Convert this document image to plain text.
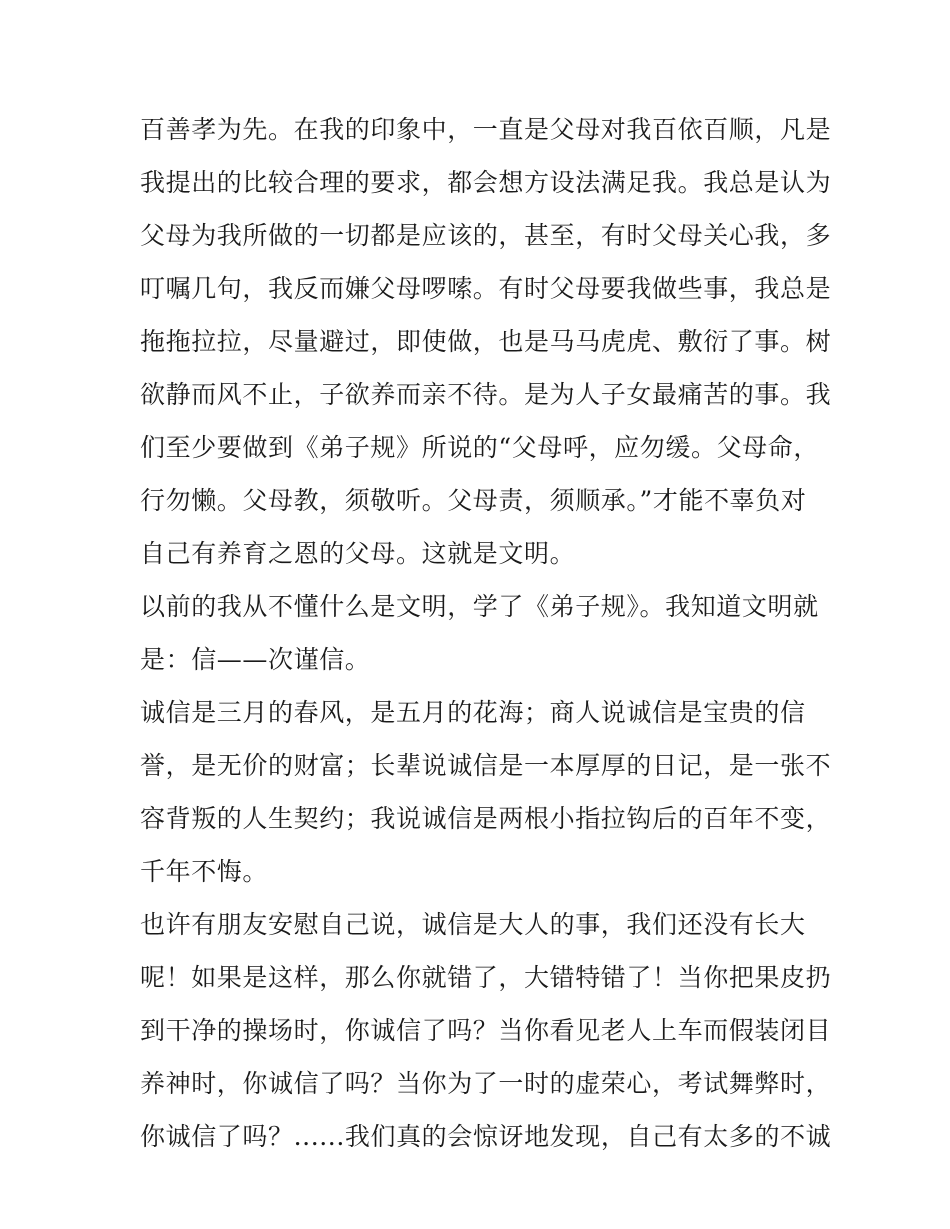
百善孝为先。在我的印象中，一直是父母对我百依百顺，凡是
我提出的比较合理的要求，都会想方设法满足我。我总是认为
父母为我所做的一切都是应该的，甚至，有时父母关心我，多
叮嘱几句，我反而嫌父母啰嗦。有时父母要我做些事，我总是
拖拖拉拉，尽量避过，即使做，也是马马虎虎、敷衍了事。树
欲静而风不止，子欲养而亲不待。是为人子女最痛苦的事。我
们至少要做到《弟子规》所说的“父母呼，应勿缓。父母命，
行勿懒。父母教，须敬听。父母责，须顺承。”才能不辜负对
自己有养育之恩的父母。这就是文明。
以前的我从不懂什么是文明，学了《弟子规》。我知道文明就
是：信——次谨信。
诚信是三月的春风，是五月的花海；商人说诚信是宝贵的信
誉，是无价的财富；长辈说诚信是一本厚厚的日记，是一张不
容背叛的人生契约；我说诚信是两根小指拉钩后的百年不变，
千年不悔。
也许有朋友安慰自己说，诚信是大人的事，我们还没有长大
呢！如果是这样，那么你就错了，大错特错了！当你把果皮扔
到干净的操场时，你诚信了吗？当你看见老人上车而假装闭目
养神时，你诚信了吗？当你为了一时的虚荣心，考试舞弊时，
你诚信了吗？......我们真的会惊讶地发现，自己有太多的不诚
